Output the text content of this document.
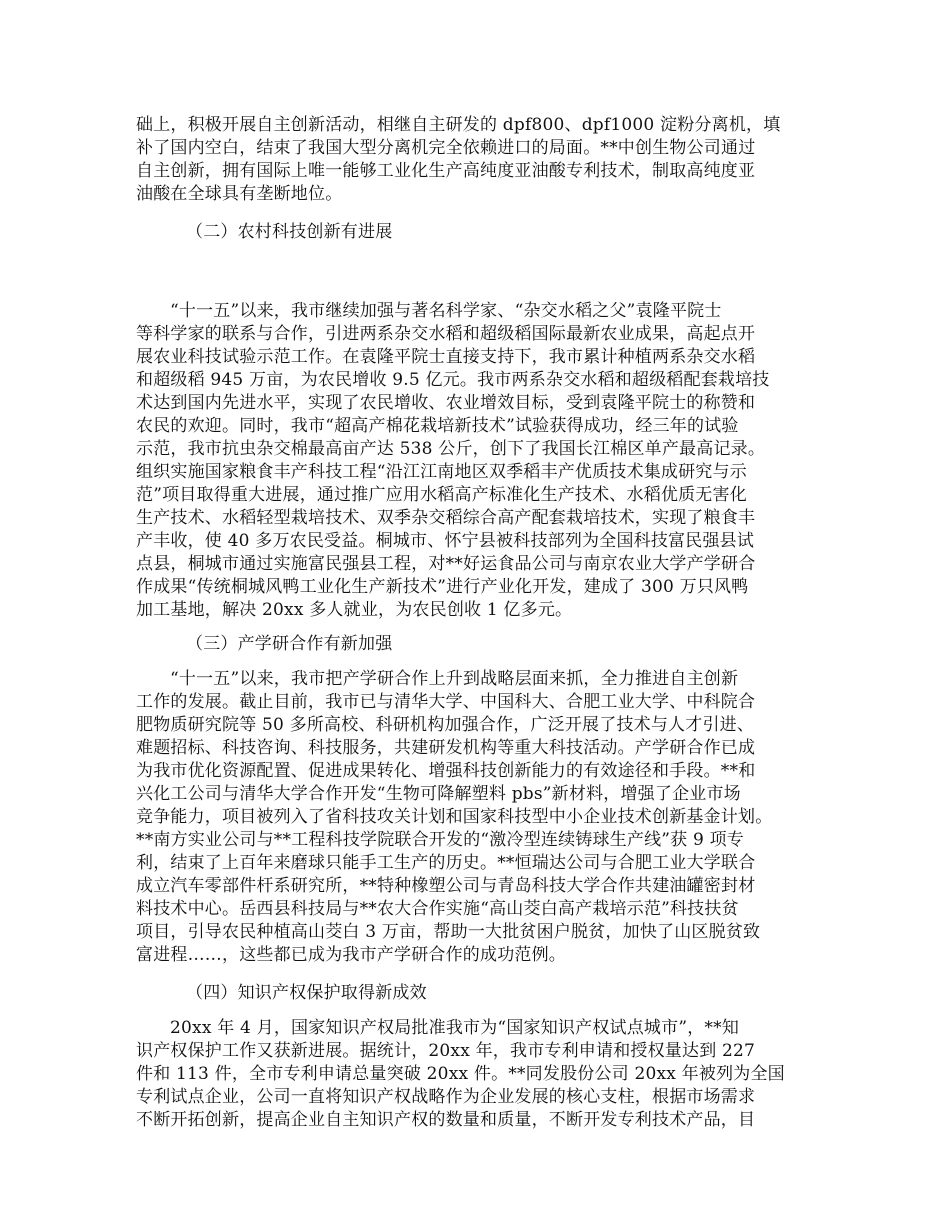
础上，积极开展自主创新活动，相继自主研发的 dpf800、dpf1000 淀粉分离机，填
补了国内空白，结束了我国大型分离机完全依赖进口的局面。**中创生物公司通过
自主创新，拥有国际上唯一能够工业化生产高纯度亚油酸专利技术，制取高纯度亚
油酸在全球具有垄断地位。
（二）农村科技创新有进展
“十一五”以来，我市继续加强与著名科学家、“杂交水稻之父”袁隆平院士
等科学家的联系与合作，引进两系杂交水稻和超级稻国际最新农业成果，高起点开
展农业科技试验示范工作。在袁隆平院士直接支持下，我市累计种植两系杂交水稻
和超级稻 945 万亩，为农民增收 9.5 亿元。我市两系杂交水稻和超级稻配套栽培技
术达到国内先进水平，实现了农民增收、农业增效目标，受到袁隆平院士的称赞和
农民的欢迎。同时，我市“超高产棉花栽培新技术”试验获得成功，经三年的试验
示范，我市抗虫杂交棉最高亩产达 538 公斤，创下了我国长江棉区单产最高记录。
组织实施国家粮食丰产科技工程“沿江江南地区双季稻丰产优质技术集成研究与示
范”项目取得重大进展，通过推广应用水稻高产标准化生产技术、水稻优质无害化
生产技术、水稻轻型栽培技术、双季杂交稻综合高产配套栽培技术，实现了粮食丰
产丰收，使 40 多万农民受益。桐城市、怀宁县被科技部列为全国科技富民强县试
点县，桐城市通过实施富民强县工程，对**好运食品公司与南京农业大学产学研合
作成果“传统桐城风鸭工业化生产新技术”进行产业化开发，建成了 300 万只风鸭
加工基地，解决 20xx 多人就业，为农民创收 1 亿多元。
（三）产学研合作有新加强
“十一五”以来，我市把产学研合作上升到战略层面来抓，全力推进自主创新
工作的发展。截止目前，我市已与清华大学、中国科大、合肥工业大学、中科院合
肥物质研究院等 50 多所高校、科研机构加强合作，广泛开展了技术与人才引进、
难题招标、科技咨询、科技服务，共建研发机构等重大科技活动。产学研合作已成
为我市优化资源配置、促进成果转化、增强科技创新能力的有效途径和手段。**和
兴化工公司与清华大学合作开发“生物可降解塑料 pbs”新材料，增强了企业市场
竞争能力，项目被列入了省科技攻关计划和国家科技型中小企业技术创新基金计划。
**南方实业公司与**工程科技学院联合开发的“激冷型连续铸球生产线”获 9 项专
利，结束了上百年来磨球只能手工生产的历史。**恒瑞达公司与合肥工业大学联合
成立汽车零部件杆系研究所，**特种橡塑公司与青岛科技大学合作共建油罐密封材
料技术中心。岳西县科技局与**农大合作实施“高山茭白高产栽培示范”科技扶贫
项目，引导农民种植高山茭白 3 万亩，帮助一大批贫困户脱贫，加快了山区脱贫致
富进程……，这些都已成为我市产学研合作的成功范例。
（四）知识产权保护取得新成效
20xx 年 4 月，国家知识产权局批准我市为“国家知识产权试点城市”，**知
识产权保护工作又获新进展。据统计，20xx 年，我市专利申请和授权量达到 227
件和 113 件，全市专利申请总量突破 20xx 件。**同发股份公司 20xx 年被列为全国
专利试点企业，公司一直将知识产权战略作为企业发展的核心支柱，根据市场需求
不断开拓创新，提高企业自主知识产权的数量和质量，不断开发专利技术产品，目
